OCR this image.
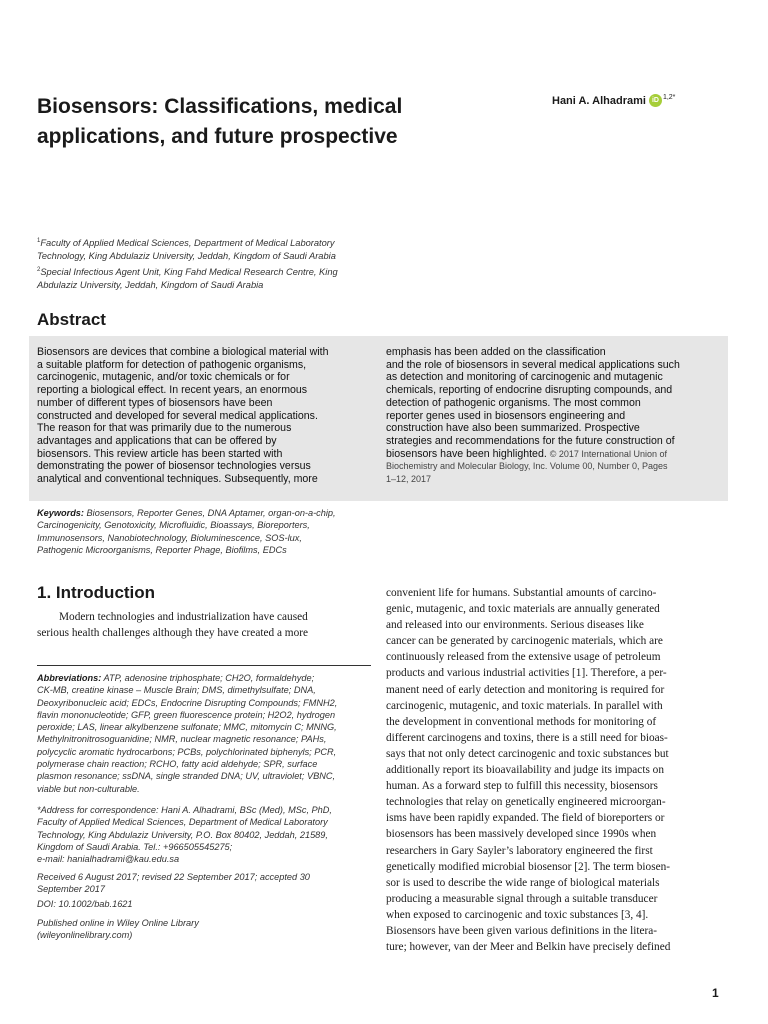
Biosensors: Classifications, medical
applications, and future prospective
Hani A. Alhadrami iD $^{1,2*}$
$^1$Faculty of Applied Medical Sciences, Department of Medical Laboratory
Technology, King Abdulaziz University, Jeddah, Kingdom of Saudi Arabia
$^2$Special Infectious Agent Unit, King Fahd Medical Research Centre, King
Abdulaziz University, Jeddah, Kingdom of Saudi Arabia
Abstract
Biosensors are devices that combine a biological material with
a suitable platform for detection of pathogenic organisms,
carcinogenic, mutagenic, and/or toxic chemicals or for
reporting a biological effect. In recent years, an enormous
number of different types of biosensors have been
constructed and developed for several medical applications.
The reason for that was primarily due to the numerous
advantages and applications that can be offered by
biosensors. This review article has been started with
demonstrating the power of biosensor technologies versus
analytical and conventional techniques. Subsequently, more
emphasis has been added on the classification
and the role of biosensors in several medical applications such
as detection and monitoring of carcinogenic and mutagenic
chemicals, reporting of endocrine disrupting compounds, and
detection of pathogenic organisms. The most common
reporter genes used in biosensors engineering and
construction have also been summarized. Prospective
strategies and recommendations for the future construction of
biosensors have been highlighted. © 2017 International Union of
Biochemistry and Molecular Biology, Inc. Volume 00, Number 0, Pages
1–12, 2017
Keywords: Biosensors, Reporter Genes, DNA Aptamer, organ-on-a-chip,
Carcinogenicity, Genotoxicity, Microfluidic, Bioassays, Bioreporters,
Immunosensors, Nanobiotechnology, Bioluminescence, SOS-lux,
Pathogenic Microorganisms, Reporter Phage, Biofilms, EDCs
1. Introduction
Modern technologies and industrialization have caused
serious health challenges although they have created a more
Abbreviations: ATP, adenosine triphosphate; CH2O, formaldehyde;
CK-MB, creatine kinase – Muscle Brain; DMS, dimethylsulfate; DNA,
Deoxyribonucleic acid; EDCs, Endocrine Disrupting Compounds; FMNH2,
flavin mononucleotide; GFP, green fluorescence protein; H2O2, hydrogen
peroxide; LAS, linear alkylbenzene sulfonate; MMC, mitomycin C; MNNG,
Methylnitronitrosoguanidine; NMR, nuclear magnetic resonance; PAHs,
polycyclic aromatic hydrocarbons; PCBs, polychlorinated biphenyls; PCR,
polymerase chain reaction; RCHO, fatty acid aldehyde; SPR, surface
plasmon resonance; ssDNA, single stranded DNA; UV, ultraviolet; VBNC,
viable but non-culturable.
*Address for correspondence: Hani A. Alhadrami, BSc (Med), MSc, PhD,
Faculty of Applied Medical Sciences, Department of Medical Laboratory
Technology, King Abdulaziz University, P.O. Box 80402, Jeddah, 21589,
Kingdom of Saudi Arabia. Tel.: +966505545275;
e-mail: hanialhadrami@kau.edu.sa
Received 6 August 2017; revised 22 September 2017; accepted 30
September 2017
DOI: 10.1002/bab.1621
Published online in Wiley Online Library
(wileyonlinelibrary.com)
convenient life for humans. Substantial amounts of carcino-
genic, mutagenic, and toxic materials are annually generated
and released into our environments. Serious diseases like
cancer can be generated by carcinogenic materials, which are
continuously released from the extensive usage of petroleum
products and various industrial activities [1]. Therefore, a per-
manent need of early detection and monitoring is required for
carcinogenic, mutagenic, and toxic materials. In parallel with
the development in conventional methods for monitoring of
different carcinogens and toxins, there is a still need for bioas-
says that not only detect carcinogenic and toxic substances but
additionally report its bioavailability and judge its impacts on
human. As a forward step to fulfill this necessity, biosensors
technologies that relay on genetically engineered microorgan-
isms have been rapidly expanded. The field of bioreporters or
biosensors has been massively developed since 1990s when
researchers in Gary Sayler’s laboratory engineered the first
genetically modified microbial biosensor [2]. The term biosen-
sor is used to describe the wide range of biological materials
producing a measurable signal through a suitable transducer
when exposed to carcinogenic and toxic substances [3, 4].
Biosensors have been given various definitions in the litera-
ture; however, van der Meer and Belkin have precisely defined
1
